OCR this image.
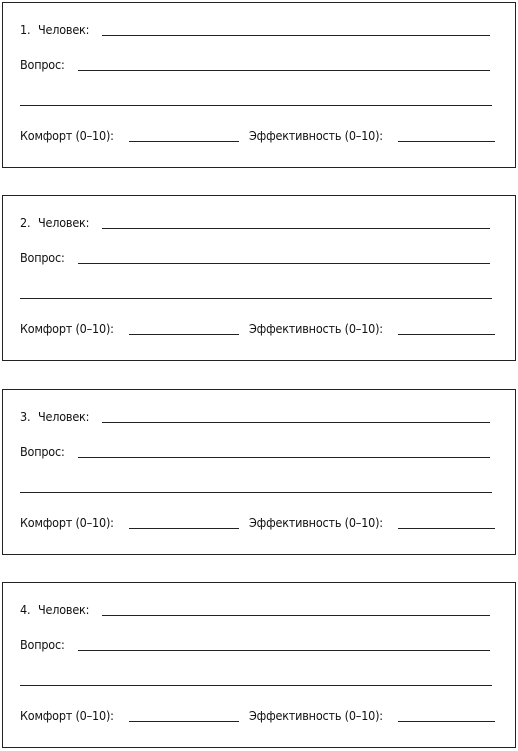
1. Человек:
Вопрос:
Комфорт (0–10):	Эффективность (0–10):
2. Человек:
Вопрос:
Комфорт (0–10):	Эффективность (0–10):
3. Человек:
Вопрос:
Комфорт (0–10):	Эффективность (0–10):
4. Человек:
Вопрос:
Комфорт (0–10):	Эффективность (0–10):
